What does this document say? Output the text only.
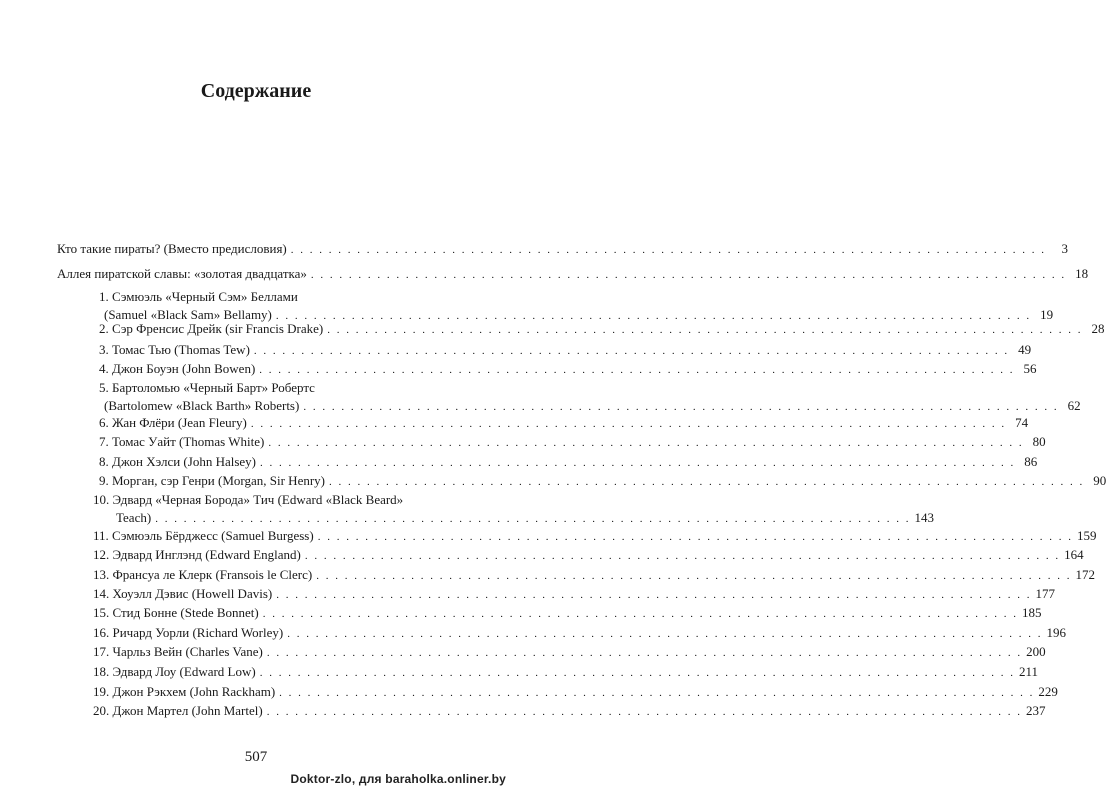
Содержание
Кто такие пираты? (Вместо предисловия) . . . . . . . . . . . . . . . . . . . . . . . . . . . . . . . . . . . . . . . . . . . . . . . . . . . . . . . . . . . . . . . . . . . . . . . . . . . . . . . .	3
Аллея пиратской славы: «золотая двадцатка» . . . . . . . . . . . . . . . . . . . . . . . . . . . . . . . . . . . . . . . . . . . . . . . . . . . . . . . . . . . . . . . . . . . . . . . . . . . . . . . . 18
1. Сэмюэль «Черный Сэм» Беллами
(Samuel «Black Sam» Bellamy) . . . . . . . . . . . . . . . . . . . . . . . . . . . . . . . . . . . . . . . . . . . . . . . . . . . . . . . . . . . . . . . . . . . . . . . . . . . . . . . . 19
2. Сэр Френсис Дрейк (sir Francis Drake) . . . . . . . . . . . . . . . . . . . . . . . . . . . . . . . . . . . . . . . . . . . . . . . . . . . . . . . . . . . . . . . . . . . . . . . . . . . . . . . . 28
3. Томас Тью (Thomas Tew) . . . . . . . . . . . . . . . . . . . . . . . . . . . . . . . . . . . . . . . . . . . . . . . . . . . . . . . . . . . . . . . . . . . . . . . . . . . . . . . . 49
4. Джон Боуэн (John Bowen) . . . . . . . . . . . . . . . . . . . . . . . . . . . . . . . . . . . . . . . . . . . . . . . . . . . . . . . . . . . . . . . . . . . . . . . . . . . . . . . . 56
5. Бартоломью «Черный Барт» Робертс
(Bartolomew «Black Barth» Roberts) . . . . . . . . . . . . . . . . . . . . . . . . . . . . . . . . . . . . . . . . . . . . . . . . . . . . . . . . . . . . . . . . . . . . . . . . . . . . . . . . 62
6. Жан Флёри (Jean Fleury) . . . . . . . . . . . . . . . . . . . . . . . . . . . . . . . . . . . . . . . . . . . . . . . . . . . . . . . . . . . . . . . . . . . . . . . . . . . . . . . . 74
7. Томас Уайт (Thomas White) . . . . . . . . . . . . . . . . . . . . . . . . . . . . . . . . . . . . . . . . . . . . . . . . . . . . . . . . . . . . . . . . . . . . . . . . . . . . . . . . 80
8. Джон Хэлси (John Halsey) . . . . . . . . . . . . . . . . . . . . . . . . . . . . . . . . . . . . . . . . . . . . . . . . . . . . . . . . . . . . . . . . . . . . . . . . . . . . . . . . 86
9. Морган, сэр Генри (Morgan, Sir Henry) . . . . . . . . . . . . . . . . . . . . . . . . . . . . . . . . . . . . . . . . . . . . . . . . . . . . . . . . . . . . . . . . . . . . . . . . . . . . . . . . 90
10. Эдвард «Черная Борода» Тич (Edward «Black Beard»
Teach) . . . . . . . . . . . . . . . . . . . . . . . . . . . . . . . . . . . . . . . . . . . . . . . . . . . . . . . . . . . . . . . . . . . . . . . . . . . . . . . . 143
11. Сэмюэль Бёрджесс (Samuel Burgess) . . . . . . . . . . . . . . . . . . . . . . . . . . . . . . . . . . . . . . . . . . . . . . . . . . . . . . . . . . . . . . . . . . . . . . . . . . . . . . . . 159
12. Эдвард Инглэнд (Edward England) . . . . . . . . . . . . . . . . . . . . . . . . . . . . . . . . . . . . . . . . . . . . . . . . . . . . . . . . . . . . . . . . . . . . . . . . . . . . . . . . 164
13. Франсуа ле Клерк (Fransois le Clerc) . . . . . . . . . . . . . . . . . . . . . . . . . . . . . . . . . . . . . . . . . . . . . . . . . . . . . . . . . . . . . . . . . . . . . . . . . . . . . . . . 172
14. Хоуэлл Дэвис (Howell Davis) . . . . . . . . . . . . . . . . . . . . . . . . . . . . . . . . . . . . . . . . . . . . . . . . . . . . . . . . . . . . . . . . . . . . . . . . . . . . . . . . 177
15. Стид Бонне (Stede Bonnet) . . . . . . . . . . . . . . . . . . . . . . . . . . . . . . . . . . . . . . . . . . . . . . . . . . . . . . . . . . . . . . . . . . . . . . . . . . . . . . . . 185
16. Ричард Уорли (Richard Worley) . . . . . . . . . . . . . . . . . . . . . . . . . . . . . . . . . . . . . . . . . . . . . . . . . . . . . . . . . . . . . . . . . . . . . . . . . . . . . . . . 196
17. Чарльз Вейн (Charles Vane) . . . . . . . . . . . . . . . . . . . . . . . . . . . . . . . . . . . . . . . . . . . . . . . . . . . . . . . . . . . . . . . . . . . . . . . . . . . . . . . . 200
18. Эдвард Лоу (Edward Low) . . . . . . . . . . . . . . . . . . . . . . . . . . . . . . . . . . . . . . . . . . . . . . . . . . . . . . . . . . . . . . . . . . . . . . . . . . . . . . . . 211
19. Джон Рэкхем (John Rackham) . . . . . . . . . . . . . . . . . . . . . . . . . . . . . . . . . . . . . . . . . . . . . . . . . . . . . . . . . . . . . . . . . . . . . . . . . . . . . . . . 229
20. Джон Мартел (John Martel) . . . . . . . . . . . . . . . . . . . . . . . . . . . . . . . . . . . . . . . . . . . . . . . . . . . . . . . . . . . . . . . . . . . . . . . . . . . . . . . . 237
507
Doktor-zlo, для baraholka.onliner.by
